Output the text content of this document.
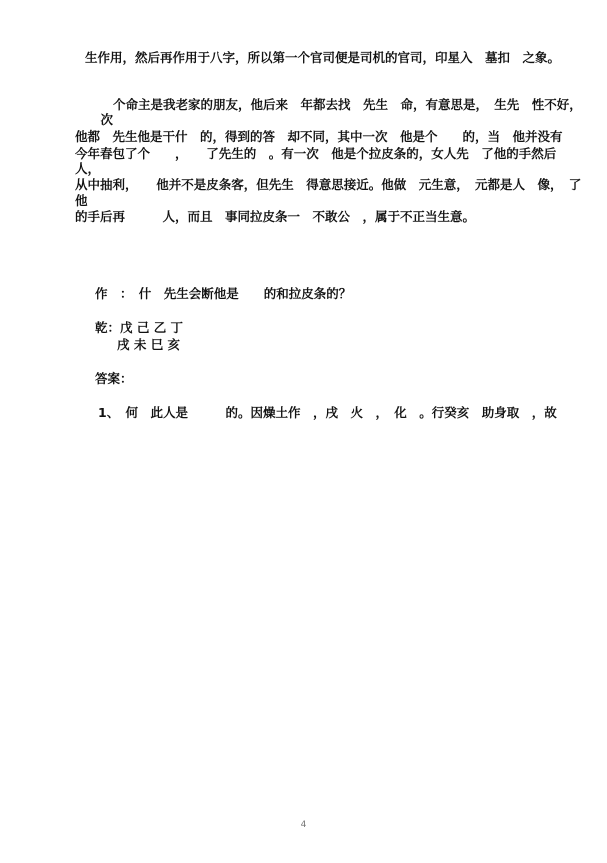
生作用，然后再作用于八字，所以第一个官司便是司机的官司，印星入　墓扣　之象。
　　个命主是我老家的朋友，他后来　年都去找　先生　命，有意思是，　生先　性不好，
　次
他都　先生他是干什　的，得到的答　却不同，其中一次　他是个　　的，当　他并没有
今年春包了个　　，　　了先生的　。有一次　他是个拉皮条的，女人先　了他的手然后
人，
从中抽利，　　他并不是皮条客，但先生　得意思接近。他做　元生意，　元都是人　像，　了
他
的手后再　　　人，而且　事同拉皮条一　不敢公　，属于不正当生意。
作　：　什　先生会断他是　　的和拉皮条的？
乾：戊 己 乙 丁
戌 未 巳 亥
答案：
1、　何　此人是　　　的。因燥土作　，戌　火　，　化　。行癸亥　助身取　，故
4
